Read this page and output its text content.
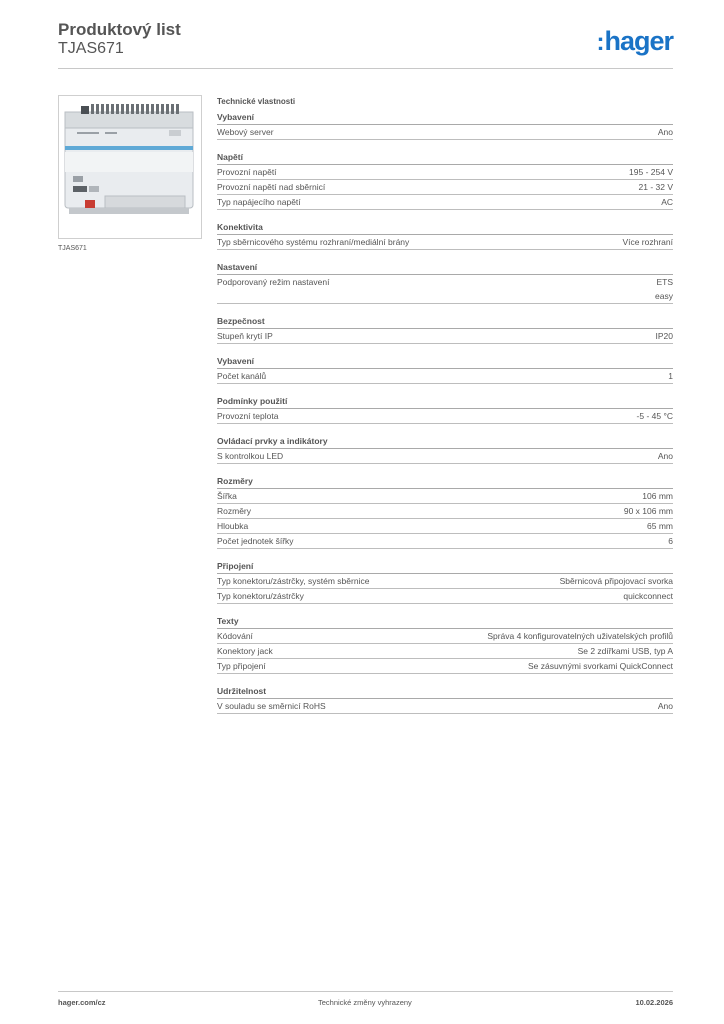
Produktový list
TJAS671	:hager
TJAS671
Technické vlastnosti
Vybavení
Webový server	Ano
Napětí
Provozní napětí	195 - 254 V
Provozní napětí nad sběrnicí	21 - 32 V
Typ napájecího napětí	AC
Konektivita
Typ sběrnicového systému rozhraní/mediální brány	Více rozhraní
Nastavení
Podporovaný režim nastavení	ETS
easy
Bezpečnost
Stupeň krytí IP	IP20
Vybavení
Počet kanálů	1
Podmínky použití
Provozní teplota	-5 - 45 °C
Ovládací prvky a indikátory
S kontrolkou LED	Ano
Rozměry
Šířka	106 mm
Rozměry	90 x 106 mm
Hloubka	65 mm
Počet jednotek šířky	6
Připojení
Typ konektoru/zástrčky, systém sběrnice	Sběrnicová připojovací svorka
Typ konektoru/zástrčky	quickconnect
Texty
Kódování	Správa 4 konfigurovatelných uživatelských profilů
Konektory jack	Se 2 zdířkami USB, typ A
Typ připojení	Se zásuvnými svorkami QuickConnect
Udržitelnost
V souladu se směrnicí RoHS	Ano
hager.com/cz	Technické změny vyhrazeny	10.02.2026
